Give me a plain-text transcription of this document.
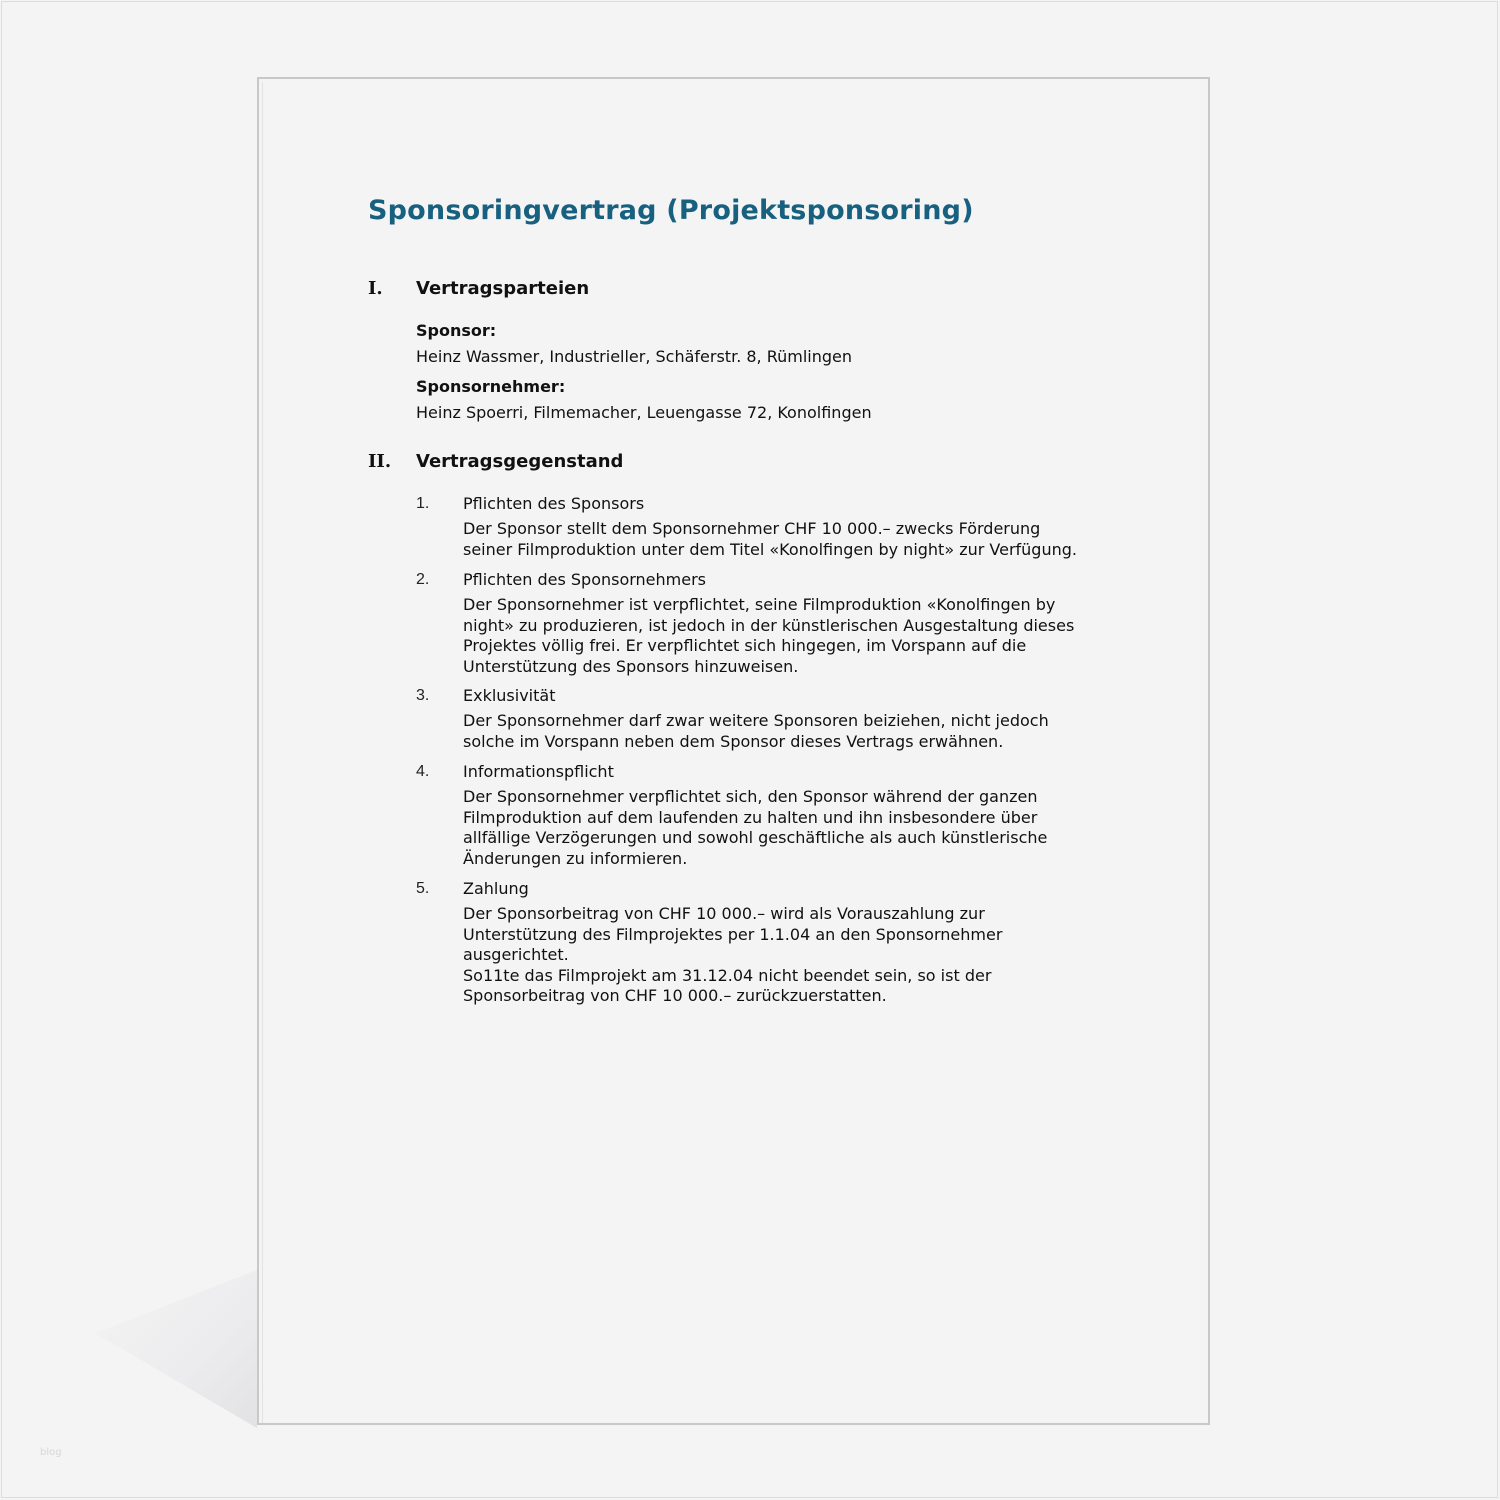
Sponsoringvertrag (Projektsponsoring)
I. Vertragsparteien
Sponsor:
Heinz Wassmer, Industrieller, Schäferstr. 8, Rümlingen
Sponsornehmer:
Heinz Spoerri, Filmemacher, Leuengasse 72, Konolfingen
II. Vertragsgegenstand
1. Pflichten des Sponsors
Der Sponsor stellt dem Sponsornehmer CHF 10 000.– zwecks Förderung
seiner Filmproduktion unter dem Titel «Konolfingen by night» zur Verfügung.
2. Pflichten des Sponsornehmers
Der Sponsornehmer ist verpflichtet, seine Filmproduktion «Konolfingen by
night» zu produzieren, ist jedoch in der künstlerischen Ausgestaltung dieses
Projektes völlig frei. Er verpflichtet sich hingegen, im Vorspann auf die
Unterstützung des Sponsors hinzuweisen.
3. Exklusivität
Der Sponsornehmer darf zwar weitere Sponsoren beiziehen, nicht jedoch
solche im Vorspann neben dem Sponsor dieses Vertrags erwähnen.
4. Informationspflicht
Der Sponsornehmer verpflichtet sich, den Sponsor während der ganzen
Filmproduktion auf dem laufenden zu halten und ihn insbesondere über
allfällige Verzögerungen und sowohl geschäftliche als auch künstlerische
Änderungen zu informieren.
5. Zahlung
Der Sponsorbeitrag von CHF 10 000.– wird als Vorauszahlung zur
Unterstützung des Filmprojektes per 1.1.04 an den Sponsornehmer
ausgerichtet.
So11te das Filmprojekt am 31.12.04 nicht beendet sein, so ist der
Sponsorbeitrag von CHF 10 000.– zurückzuerstatten.
blog
